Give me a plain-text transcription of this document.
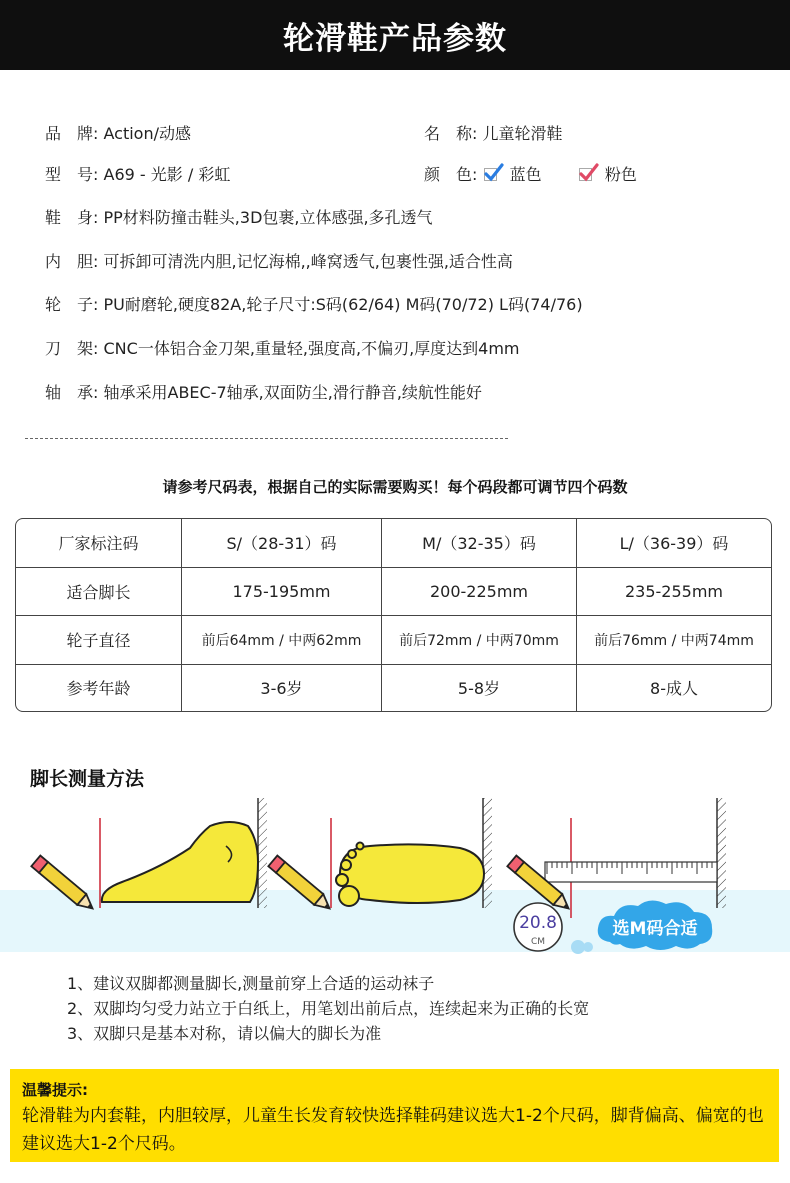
轮滑鞋产品参数
品　牌: Action/动感	名　称: 儿童轮滑鞋
型　号: A69 - 光影 / 彩虹	颜　色: 蓝色	粉色
鞋　身: PP材料防撞击鞋头,3D包裹,立体感强,多孔透气
内　胆: 可拆卸可清洗内胆,记忆海棉,,峰窝透气,包裹性强,适合性高
轮　子: PU耐磨轮,硬度82A,轮子尺寸:S码(62/64) M码(70/72) L码(74/76)
刀　架: CNC一体铝合金刀架,重量轻,强度高,不偏刃,厚度达到4mm
轴　承: 轴承采用ABEC-7轴承,双面防尘,滑行静音,续航性能好
请参考尺码表，根据自己的实际需要购买！每个码段都可调节四个码数
厂家标注码	S/（28-31）码	M/（32-35）码	L/（36-39）码
适合脚长	175-195mm	200-225mm	235-255mm
轮子直径	前后64mm / 中两62mm	前后72mm / 中两70mm	前后76mm / 中两74mm
参考年龄	3-6岁	5-8岁	8-成人
脚长测量方法
20.8
CM
选M码合适
1、建议双脚都测量脚长,测量前穿上合适的运动袜子
2、双脚均匀受力站立于白纸上，用笔划出前后点，连续起来为正确的长宽
3、双脚只是基本对称，请以偏大的脚长为准
温馨提示:
轮滑鞋为内套鞋，内胆较厚，儿童生长发育较快选择鞋码建议选大1-2个尺码，脚背偏高、偏宽的也建议选大1-2个尺码。
